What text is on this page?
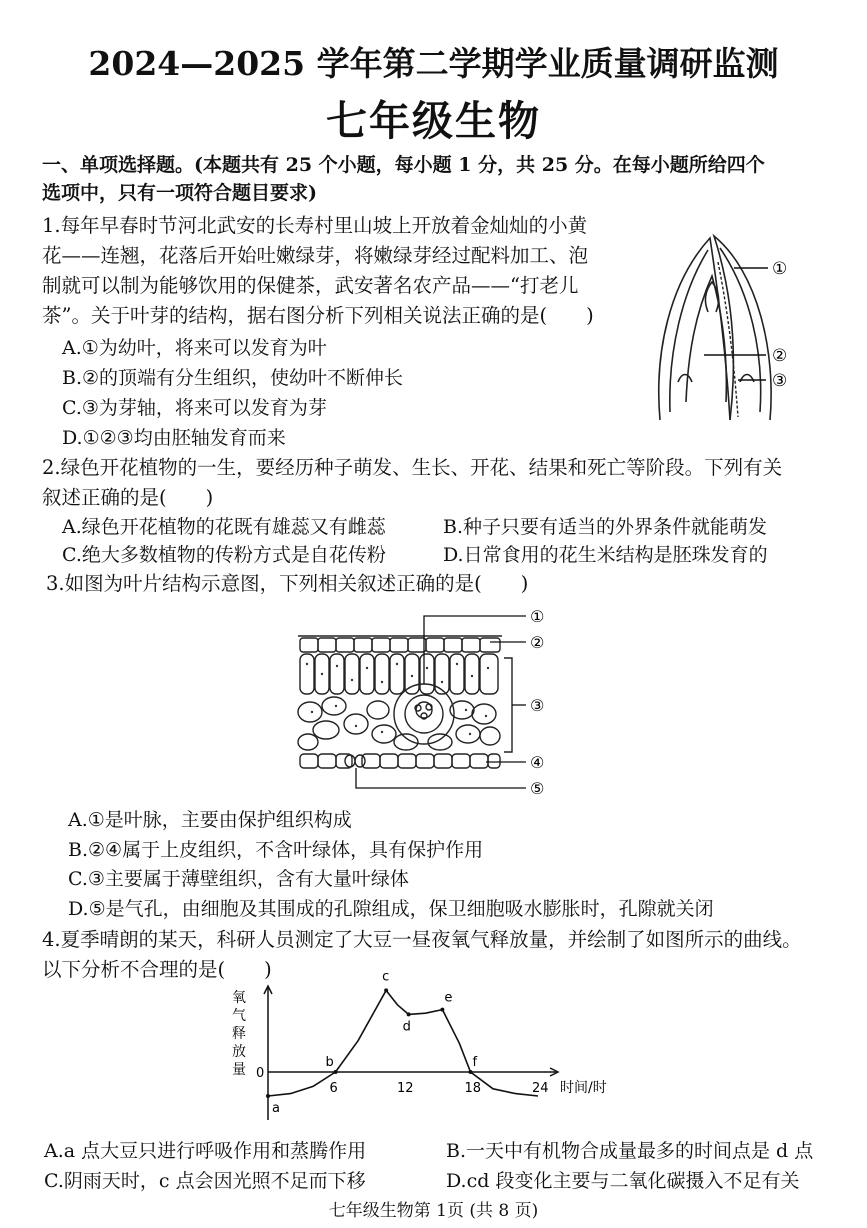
2024—2025 学年第二学期学业质量调研监测
七年级生物
一、单项选择题。(本题共有 25 个小题，每小题 1 分，共 25 分。在每小题所给四个
选项中，只有一项符合题目要求)
1.每年早春时节河北武安的长寿村里山坡上开放着金灿灿的小黄
花——连翘，花落后开始吐嫩绿芽，将嫩绿芽经过配料加工、泡
制就可以制为能够饮用的保健茶，武安著名农产品——“打老儿
茶”。关于叶芽的结构，据右图分析下列相关说法正确的是(　　)
A.①为幼叶，将来可以发育为叶
B.②的顶端有分生组织，使幼叶不断伸长
C.③为芽轴，将来可以发育为芽
D.①②③均由胚轴发育而来
①
②
③
2.绿色开花植物的一生，要经历种子萌发、生长、开花、结果和死亡等阶段。下列有关
叙述正确的是(　　)
A.绿色开花植物的花既有雄蕊又有雌蕊	B.种子只要有适当的外界条件就能萌发
C.绝大多数植物的传粉方式是自花传粉	D.日常食用的花生米结构是胚珠发育的
3.如图为叶片结构示意图，下列相关叙述正确的是(　　)
①
②
③
④
⑤
A.①是叶脉，主要由保护组织构成
B.②④属于上皮组织，不含叶绿体，具有保护作用
C.③主要属于薄壁组织，含有大量叶绿体
D.⑤是气孔，由细胞及其围成的孔隙组成，保卫细胞吸水膨胀时，孔隙就关闭
4.夏季晴朗的某天，科研人员测定了大豆一昼夜氧气释放量，并绘制了如图所示的曲线。
以下分析不合理的是(　　)
氧气释放量
时间/时
0
6	12	18	24
a
b
c
d
e
f
A.a 点大豆只进行呼吸作用和蒸腾作用	B.一天中有机物合成量最多的时间点是 d 点
C.阴雨天时，c 点会因光照不足而下移	D.cd 段变化主要与二氧化碳摄入不足有关
七年级生物第 1页 (共 8 页)
